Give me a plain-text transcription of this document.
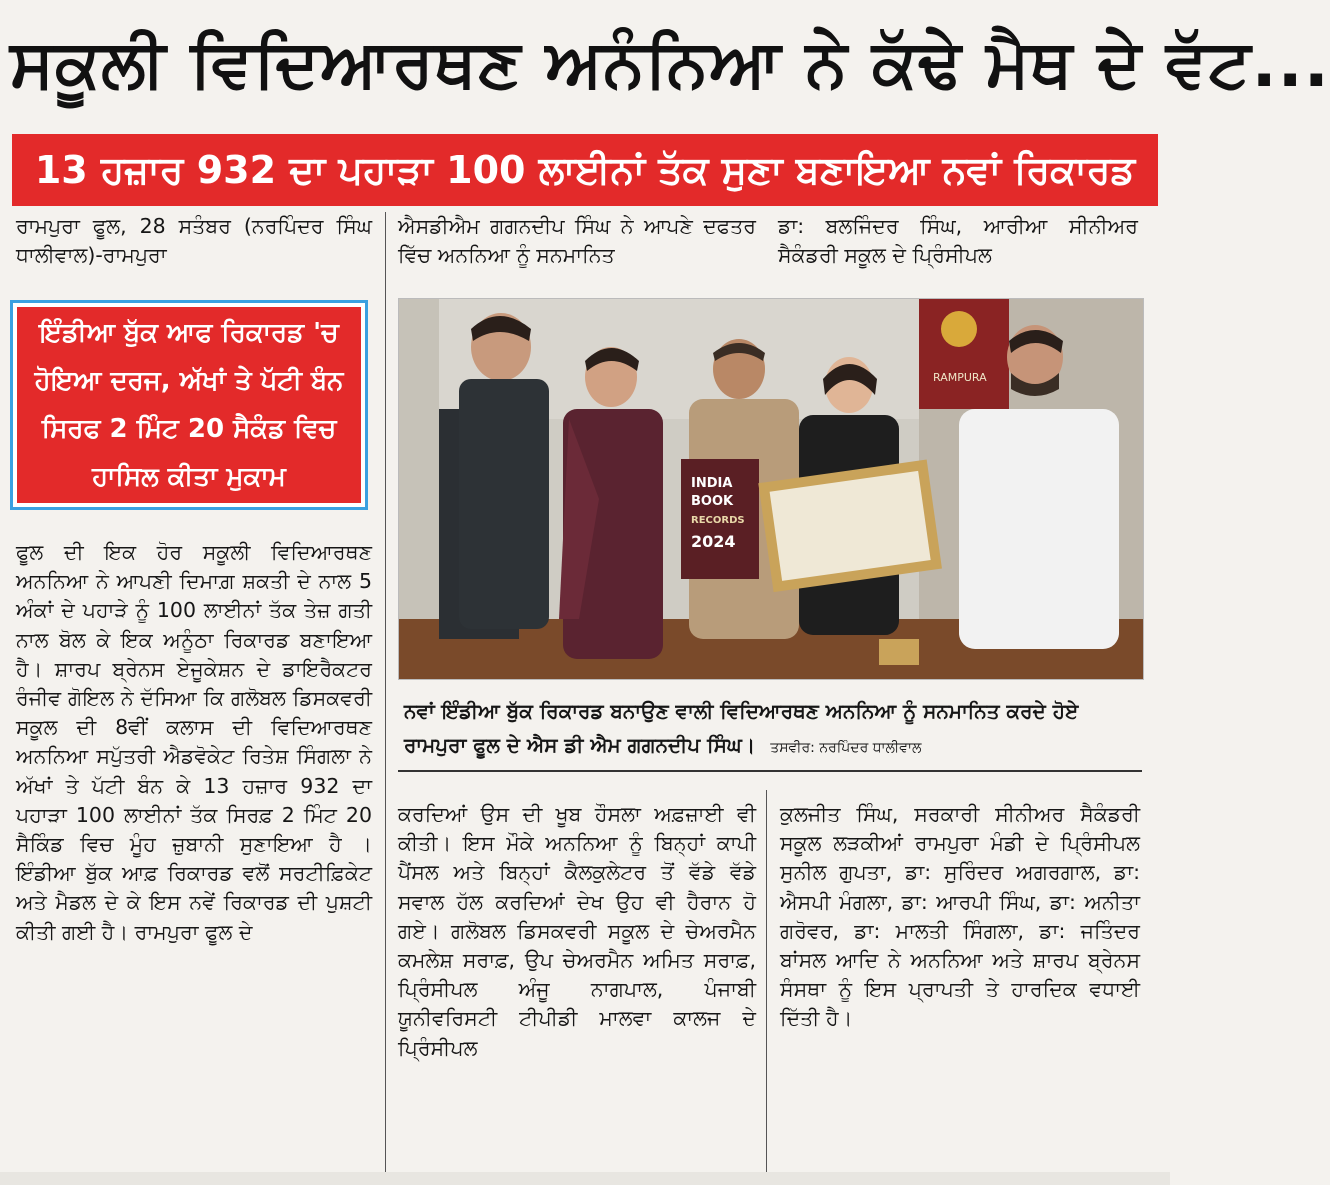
ਸਕੂਲੀ ਵਿਦਿਆਰਥਣ ਅਨੰਨਿਆ ਨੇ ਕੱਢੇ ਮੈਥ ਦੇ ਵੱਟ...
13 ਹਜ਼ਾਰ 932 ਦਾ ਪਹਾੜਾ 100 ਲਾਈਨਾਂ ਤੱਕ ਸੁਣਾ ਬਣਾਇਆ ਨਵਾਂ ਰਿਕਾਰਡ

ਰਾਮਪੁਰਾ ਫੂਲ, 28 ਸਤੰਬਰ (ਨਰਪਿੰਦਰ ਸਿੰਘ ਧਾਲੀਵਾਲ)-ਰਾਮਪੁਰਾ

ਐਸਡੀਐਮ ਗਗਨਦੀਪ ਸਿੰਘ ਨੇ ਆਪਣੇ ਦਫਤਰ ਵਿੱਚ ਅਨਨਿਆ ਨੂੰ ਸਨਮਾਨਿਤ

ਡਾ: ਬਲਜਿੰਦਰ ਸਿੰਘ, ਆਰੀਆ ਸੀਨੀਅਰ ਸੈਕੰਡਰੀ ਸਕੂਲ ਦੇ ਪ੍ਰਿੰਸੀਪਲ

ਇੰਡੀਆ ਬੁੱਕ ਆਫ ਰਿਕਾਰਡ 'ਚ ਹੋਇਆ ਦਰਜ, ਅੱਖਾਂ ਤੇ ਪੱਟੀ ਬੰਨ ਸਿਰਫ 2 ਮਿੰਟ 20 ਸੈਕੰਡ ਵਿਚ ਹਾਸਿਲ ਕੀਤਾ ਮੁਕਾਮ

ਫੂਲ ਦੀ ਇਕ ਹੋਰ ਸਕੂਲੀ ਵਿਦਿਆਰਥਣ ਅਨਨਿਆ ਨੇ ਆਪਣੀ ਦਿਮਾਗ਼ ਸ਼ਕਤੀ ਦੇ ਨਾਲ 5 ਅੰਕਾਂ ਦੇ ਪਹਾੜੇ ਨੂੰ 100 ਲਾਈਨਾਂ ਤੱਕ ਤੇਜ਼ ਗਤੀ ਨਾਲ ਬੋਲ ਕੇ ਇਕ ਅਨੂੰਠਾ ਰਿਕਾਰਡ ਬਣਾਇਆ ਹੈ। ਸ਼ਾਰਪ ਬ੍ਰੇਨਸ ਏਜੂਕੇਸ਼ਨ ਦੇ ਡਾਇਰੈਕਟਰ ਰੰਜੀਵ ਗੋਇਲ ਨੇ ਦੱਸਿਆ ਕਿ ਗਲੋਬਲ ਡਿਸਕਵਰੀ ਸਕੂਲ ਦੀ 8ਵੀਂ ਕਲਾਸ ਦੀ ਵਿਦਿਆਰਥਣ ਅਨਨਿਆ ਸਪੁੱਤਰੀ ਐਡਵੋਕੇਟ ਰਿਤੇਸ਼ ਸਿੰਗਲਾ ਨੇ ਅੱਖਾਂ ਤੇ ਪੱਟੀ ਬੰਨ ਕੇ 13 ਹਜ਼ਾਰ 932 ਦਾ ਪਹਾੜਾ 100 ਲਾਈਨਾਂ ਤੱਕ ਸਿਰਫ਼ 2 ਮਿੰਟ 20 ਸੈਕਿੰਡ ਵਿਚ ਮੂੰਹ ਜ਼ੁਬਾਨੀ ਸੁਣਾਇਆ ਹੈ । ਇੰਡੀਆ ਬੁੱਕ ਆਫ਼ ਰਿਕਾਰਡ ਵਲੋਂ ਸਰਟੀਫ਼ਿਕੇਟ ਅਤੇ ਮੈਡਲ ਦੇ ਕੇ ਇਸ ਨਵੇਂ ਰਿਕਾਰਡ ਦੀ ਪੁਸ਼ਟੀ ਕੀਤੀ ਗਈ ਹੈ। ਰਾਮਪੁਰਾ ਫੂਲ ਦੇ

RAMPURA
INDIA
BOOK
RECORDS
2024
ਨਵਾਂ ਇੰਡੀਆ ਬੁੱਕ ਰਿਕਾਰਡ ਬਨਾਉਣ ਵਾਲੀ ਵਿਦਿਆਰਥਣ ਅਨਨਿਆ ਨੂੰ ਸਨਮਾਨਿਤ ਕਰਦੇ ਹੋਏ ਰਾਮਪੁਰਾ ਫੂਲ ਦੇ ਐਸ ਡੀ ਐਮ ਗਗਨਦੀਪ ਸਿੰਘ। ਤਸਵੀਰ: ਨਰਪਿੰਦਰ ਧਾਲੀਵਾਲ

ਕਰਦਿਆਂ ਉਸ ਦੀ ਖੂਬ ਹੌਸਲਾ ਅਫ਼ਜ਼ਾਈ ਵੀ ਕੀਤੀ। ਇਸ ਮੌਕੇ ਅਨਨਿਆ ਨੂੰ ਬਿਨ੍ਹਾਂ ਕਾਪੀ ਪੈਂਸਲ ਅਤੇ ਬਿਨ੍ਹਾਂ ਕੈਲਕੁਲੇਟਰ ਤੋਂ ਵੱਡੇ ਵੱਡੇ ਸਵਾਲ ਹੱਲ ਕਰਦਿਆਂ ਦੇਖ ਉਹ ਵੀ ਹੈਰਾਨ ਹੋ ਗਏ। ਗਲੋਬਲ ਡਿਸਕਵਰੀ ਸਕੂਲ ਦੇ ਚੇਅਰਮੈਨ ਕਮਲੇਸ਼ ਸਰਾਫ਼, ਉਪ ਚੇਅਰਮੈਨ ਅਮਿਤ ਸਰਾਫ਼, ਪ੍ਰਿੰਸੀਪਲ ਅੰਜੂ ਨਾਗਪਾਲ, ਪੰਜਾਬੀ ਯੂਨੀਵਰਿਸਟੀ ਟੀਪੀਡੀ ਮਾਲਵਾ ਕਾਲਜ ਦੇ ਪ੍ਰਿੰਸੀਪਲ

ਕੁਲਜੀਤ ਸਿੰਘ, ਸਰਕਾਰੀ ਸੀਨੀਅਰ ਸੈਕੰਡਰੀ ਸਕੂਲ ਲੜਕੀਆਂ ਰਾਮਪੁਰਾ ਮੰਡੀ ਦੇ ਪ੍ਰਿੰਸੀਪਲ ਸੁਨੀਲ ਗੁਪਤਾ, ਡਾ: ਸੁਰਿੰਦਰ ਅਗਰਗਾਲ, ਡਾ: ਐਸਪੀ ਮੰਗਲਾ, ਡਾ: ਆਰਪੀ ਸਿੰਘ, ਡਾ: ਅਨੀਤਾ ਗਰੋਵਰ, ਡਾ: ਮਾਲਤੀ ਸਿੰਗਲਾ, ਡਾ: ਜਤਿੰਦਰ ਬਾਂਸਲ ਆਦਿ ਨੇ ਅਨਨਿਆ ਅਤੇ ਸ਼ਾਰਪ ਬ੍ਰੇਨਸ ਸੰਸਥਾ ਨੂੰ ਇਸ ਪ੍ਰਾਪਤੀ ਤੇ ਹਾਰਦਿਕ ਵਧਾਈ ਦਿੱਤੀ ਹੈ।
